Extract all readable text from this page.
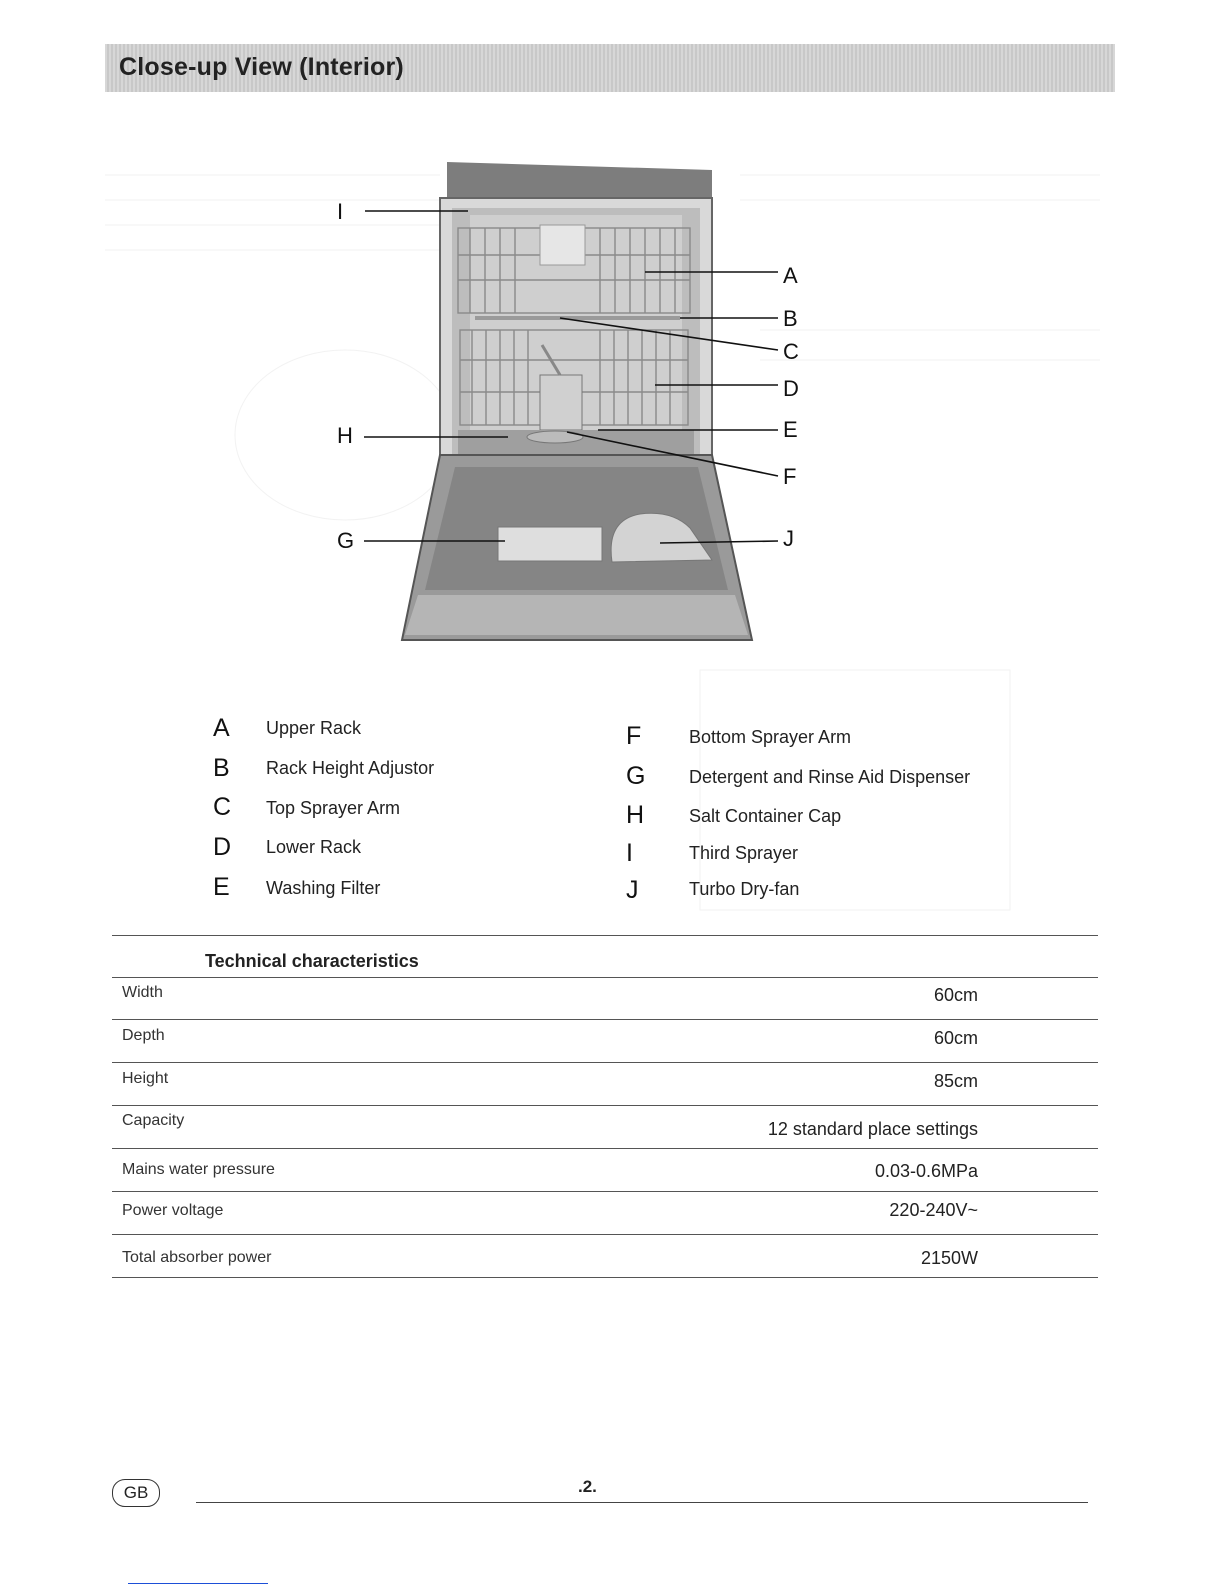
Close-up View (Interior)
I
A
B
C
D
E
H
F
G	J
A Upper Rack
B Rack Height Adjustor
C Top Sprayer Arm
D Lower Rack
E Washing Filter
F	Bottom Sprayer Arm
G Detergent and Rinse Aid Dispenser
H Salt Container Cap
I	Third Sprayer
J	Turbo Dry-fan
Technical characteristics
Width	60cm
Depth	60cm
Height	85cm
Capacity	12 standard place settings
Mains water pressure	0.03-0.6MPa
Power voltage	220-240V~
Total absorber power	2150W
GB	.2.
